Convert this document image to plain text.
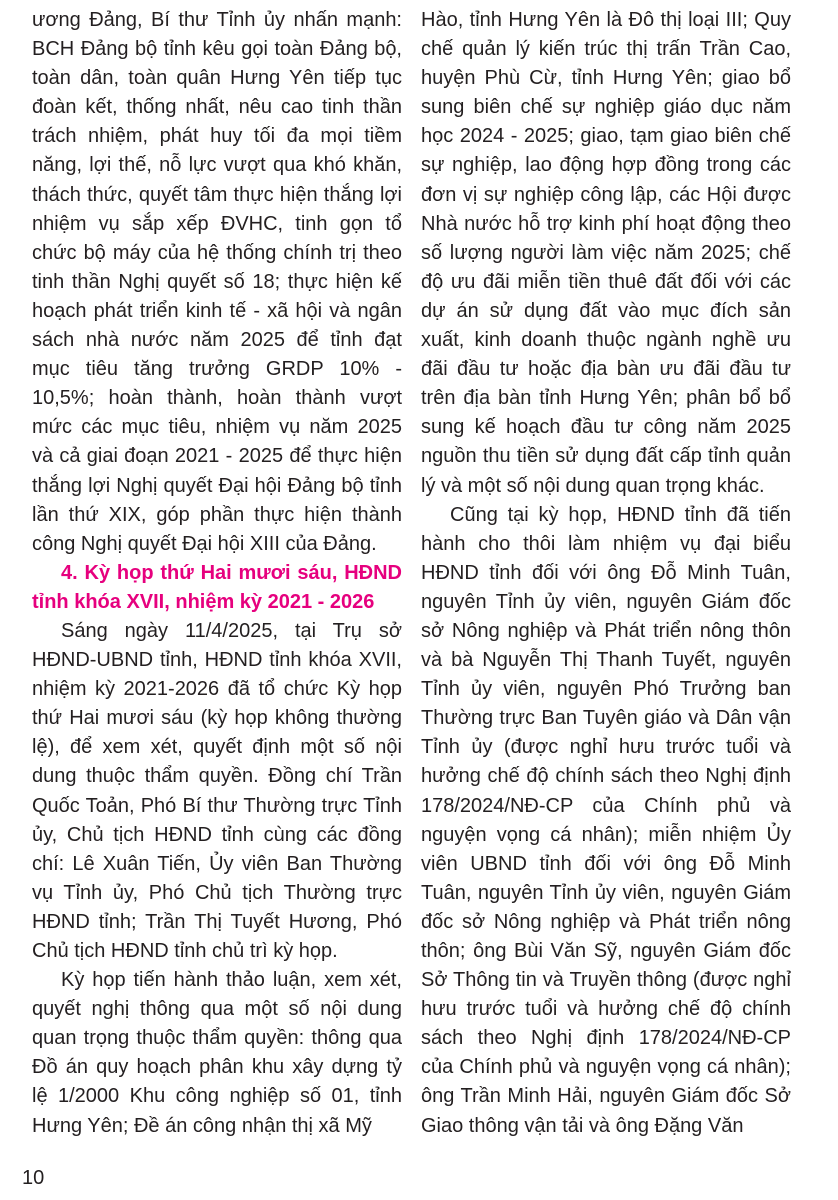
ương Đảng, Bí thư Tỉnh ủy nhấn mạnh: BCH Đảng bộ tỉnh kêu gọi toàn Đảng bộ, toàn dân, toàn quân Hưng Yên tiếp tục đoàn kết, thống nhất, nêu cao tinh thần trách nhiệm, phát huy tối đa mọi tiềm năng, lợi thế, nỗ lực vượt qua khó khăn, thách thức, quyết tâm thực hiện thắng lợi nhiệm vụ sắp xếp ĐVHC, tinh gọn tổ chức bộ máy của hệ thống chính trị theo tinh thần Nghị quyết số 18; thực hiện kế hoạch phát triển kinh tế - xã hội và ngân sách nhà nước năm 2025 để tỉnh đạt mục tiêu tăng trưởng GRDP 10% - 10,5%; hoàn thành, hoàn thành vượt mức các mục tiêu, nhiệm vụ năm 2025 và cả giai đoạn 2021 - 2025 để thực hiện thắng lợi Nghị quyết Đại hội Đảng bộ tỉnh lần thứ XIX, góp phần thực hiện thành công Nghị quyết Đại hội XIII của Đảng.

4. Kỳ họp thứ Hai mươi sáu, HĐND tỉnh khóa XVII, nhiệm kỳ 2021 - 2026

Sáng ngày 11/4/2025, tại Trụ sở HĐND-UBND tỉnh, HĐND tỉnh khóa XVII, nhiệm kỳ 2021-2026 đã tổ chức Kỳ họp thứ Hai mươi sáu (kỳ họp không thường lệ), để xem xét, quyết định một số nội dung thuộc thẩm quyền. Đồng chí Trần Quốc Toản, Phó Bí thư Thường trực Tỉnh ủy, Chủ tịch HĐND tỉnh cùng các đồng chí: Lê Xuân Tiến, Ủy viên Ban Thường vụ Tỉnh ủy, Phó Chủ tịch Thường trực HĐND tỉnh; Trần Thị Tuyết Hương, Phó Chủ tịch HĐND tỉnh chủ trì kỳ họp.

Kỳ họp tiến hành thảo luận, xem xét, quyết nghị thông qua một số nội dung quan trọng thuộc thẩm quyền: thông qua Đồ án quy hoạch phân khu xây dựng tỷ lệ 1/2000 Khu công nghiệp số 01, tỉnh Hưng Yên; Đề án công nhận thị xã Mỹ

Hào, tỉnh Hưng Yên là Đô thị loại III; Quy chế quản lý kiến trúc thị trấn Trần Cao, huyện Phù Cừ, tỉnh Hưng Yên; giao bổ sung biên chế sự nghiệp giáo dục năm học 2024 - 2025; giao, tạm giao biên chế sự nghiệp, lao động hợp đồng trong các đơn vị sự nghiệp công lập, các Hội được Nhà nước hỗ trợ kinh phí hoạt động theo số lượng người làm việc năm 2025; chế độ ưu đãi miễn tiền thuê đất đối với các dự án sử dụng đất vào mục đích sản xuất, kinh doanh thuộc ngành nghề ưu đãi đầu tư hoặc địa bàn ưu đãi đầu tư trên địa bàn tỉnh Hưng Yên; phân bổ bổ sung kế hoạch đầu tư công năm 2025 nguồn thu tiền sử dụng đất cấp tỉnh quản lý và một số nội dung quan trọng khác.

Cũng tại kỳ họp, HĐND tỉnh đã tiến hành cho thôi làm nhiệm vụ đại biểu HĐND tỉnh đối với ông Đỗ Minh Tuân, nguyên Tỉnh ủy viên, nguyên Giám đốc sở Nông nghiệp và Phát triển nông thôn và bà Nguyễn Thị Thanh Tuyết, nguyên Tỉnh ủy viên, nguyên Phó Trưởng ban Thường trực Ban Tuyên giáo và Dân vận Tỉnh ủy (được nghỉ hưu trước tuổi và hưởng chế độ chính sách theo Nghị định 178/2024/NĐ-CP của Chính phủ và nguyện vọng cá nhân); miễn nhiệm Ủy viên UBND tỉnh đối với ông Đỗ Minh Tuân, nguyên Tỉnh ủy viên, nguyên Giám đốc sở Nông nghiệp và Phát triển nông thôn; ông Bùi Văn Sỹ, nguyên Giám đốc Sở Thông tin và Truyền thông (được nghỉ hưu trước tuổi và hưởng chế độ chính sách theo Nghị định 178/2024/NĐ-CP của Chính phủ và nguyện vọng cá nhân); ông Trần Minh Hải, nguyên Giám đốc Sở Giao thông vận tải và ông Đặng Văn

10
